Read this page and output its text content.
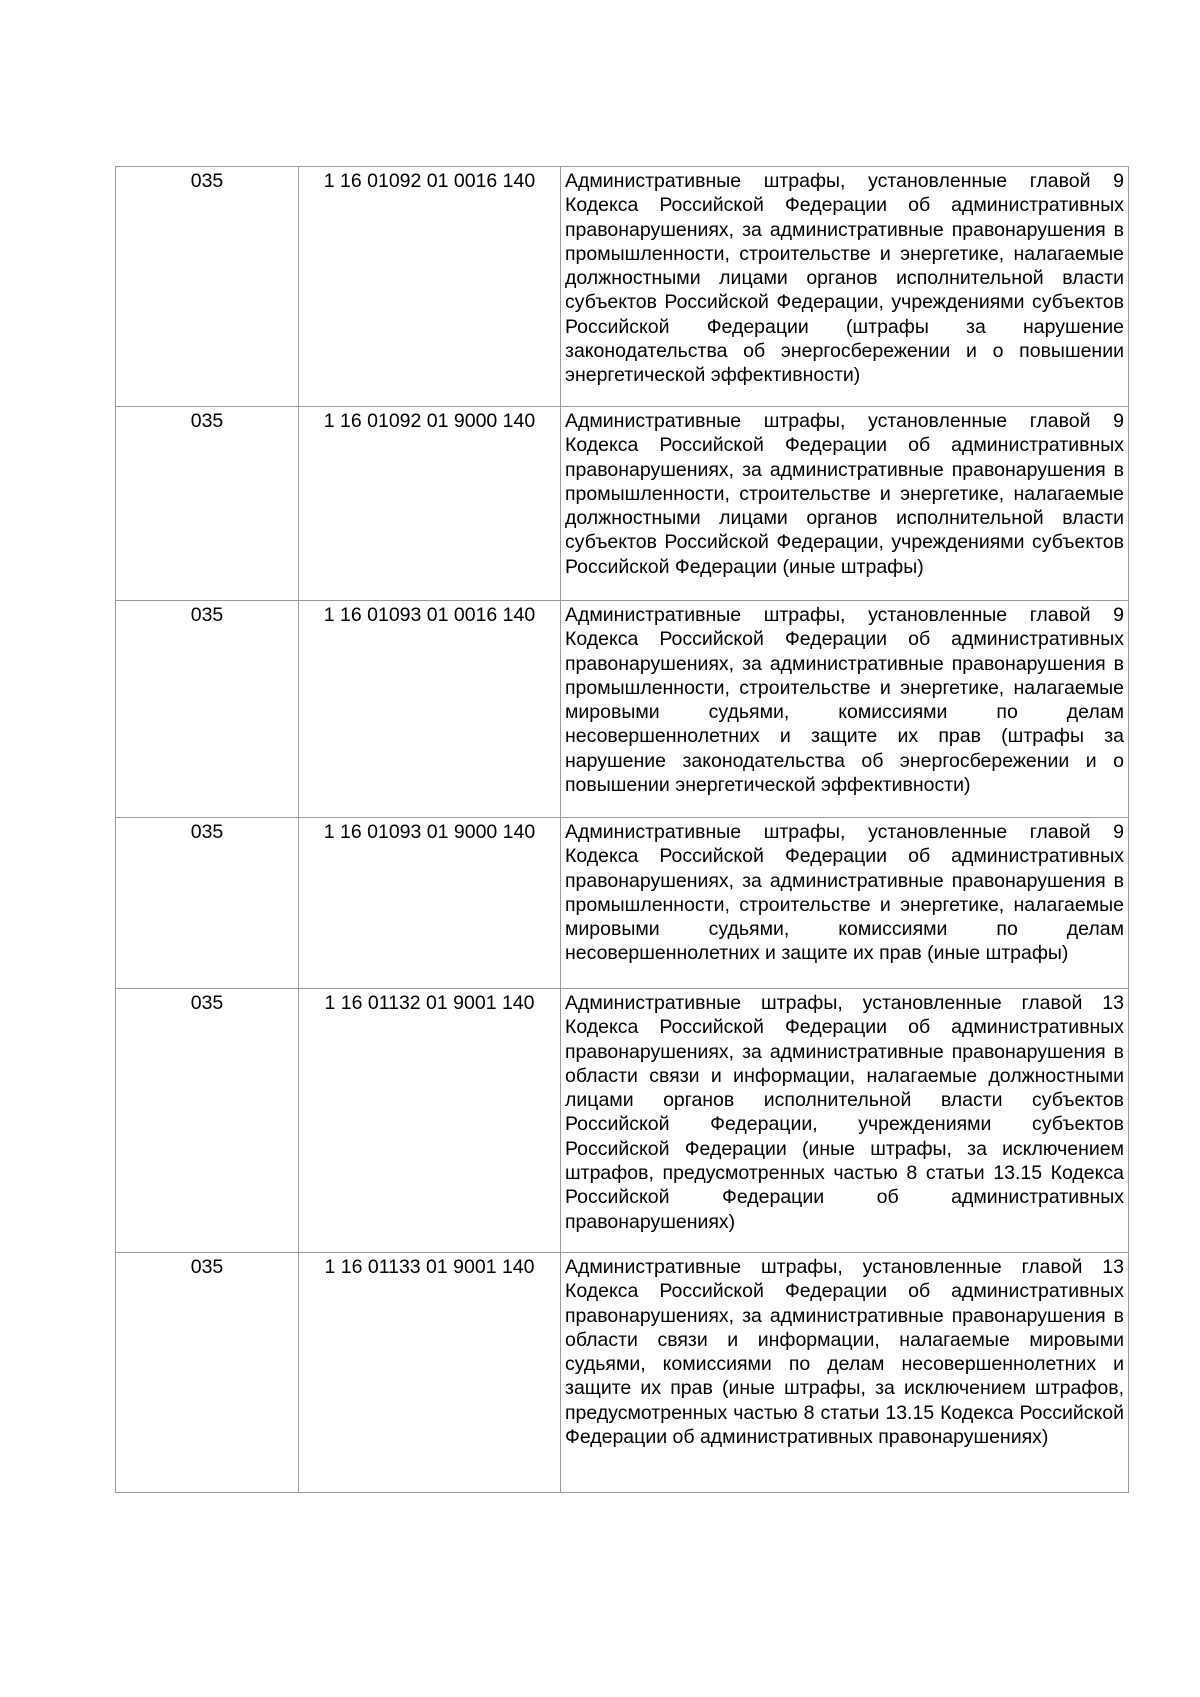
035	1 16 01092 01 0016 140	Административные штрафы, установленные главой 9 Кодекса Российской Федерации об административных правонарушениях, за административные правонарушения в промышленности, строительстве и энергетике, налагаемые должностными лицами органов исполнительной власти субъектов Российской Федерации, учреждениями субъектов Российской Федерации (штрафы за нарушение законодательства об энергосбережении и о повышении энергетической эффективности)

035	1 16 01092 01 9000 140	Административные штрафы, установленные главой 9 Кодекса Российской Федерации об административных правонарушениях, за административные правонарушения в промышленности, строительстве и энергетике, налагаемые должностными лицами органов исполнительной власти субъектов Российской Федерации, учреждениями субъектов Российской Федерации (иные штрафы)

035	1 16 01093 01 0016 140	Административные штрафы, установленные главой 9 Кодекса Российской Федерации об административных правонарушениях, за административные правонарушения в промышленности, строительстве и энергетике, налагаемые мировыми судьями, комиссиями по делам несовершеннолетних и защите их прав (штрафы за нарушение законодательства об энергосбережении и о повышении энергетической эффективности)

035	1 16 01093 01 9000 140	Административные штрафы, установленные главой 9 Кодекса Российской Федерации об административных правонарушениях, за административные правонарушения в промышленности, строительстве и энергетике, налагаемые мировыми судьями, комиссиями по делам несовершеннолетних и защите их прав (иные штрафы)

035	1 16 01132 01 9001 140	Административные штрафы, установленные главой 13 Кодекса Российской Федерации об административных правонарушениях, за административные правонарушения в области связи и информации, налагаемые должностными лицами органов исполнительной власти субъектов Российской Федерации, учреждениями субъектов Российской Федерации (иные штрафы, за исключением штрафов, предусмотренных частью 8 статьи 13.15 Кодекса Российской Федерации об административных правонарушениях)

035	1 16 01133 01 9001 140	Административные штрафы, установленные главой 13 Кодекса Российской Федерации об административных правонарушениях, за административные правонарушения в области связи и информации, налагаемые мировыми судьями, комиссиями по делам несовершеннолетних и защите их прав (иные штрафы, за исключением штрафов, предусмотренных частью 8 статьи 13.15 Кодекса Российской Федерации об административных правонарушениях)
